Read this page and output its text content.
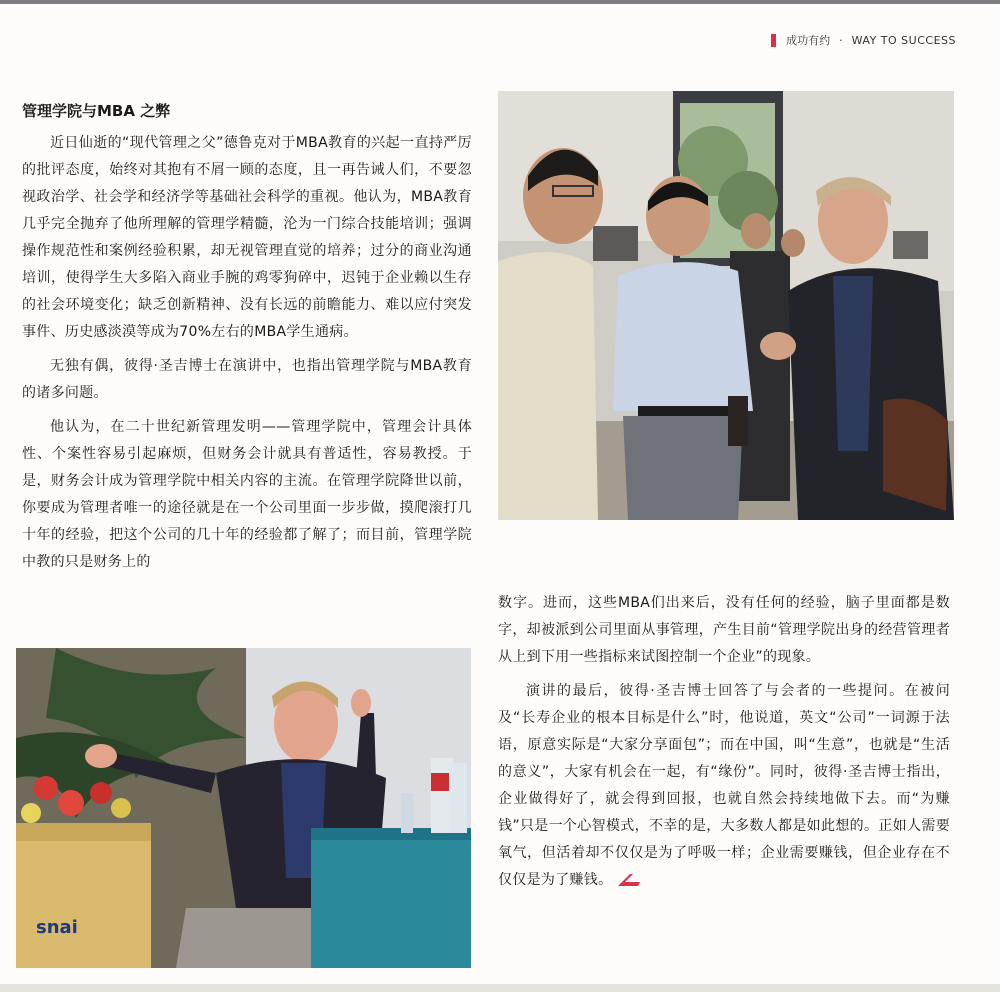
成功有约 · WAY TO SUCCESS
管理学院与MBA 之弊

近日仙逝的“现代管理之父”德鲁克对于MBA教育的兴起一直持严厉的批评态度，始终对其抱有不屑一顾的态度，且一再告诫人们，不要忽视政治学、社会学和经济学等基础社会科学的重视。他认为，MBA教育几乎完全抛弃了他所理解的管理学精髓，沦为一门综合技能培训；强调操作规范性和案例经验积累，却无视管理直觉的培养；过分的商业沟通培训，使得学生大多陷入商业手腕的鸡零狗碎中，迟钝于企业赖以生存的社会环境变化；缺乏创新精神、没有长远的前瞻能力、难以应付突发事件、历史感淡漠等成为70%左右的MBA学生通病。

无独有偶，彼得·圣吉博士在演讲中，也指出管理学院与MBA教育的诸多问题。

他认为，在二十世纪新管理发明——管理学院中，管理会计具体性、个案性容易引起麻烦，但财务会计就具有普适性，容易教授。于是，财务会计成为管理学院中相关内容的主流。在管理学院降世以前，你要成为管理者唯一的途径就是在一个公司里面一步步做，摸爬滚打几十年的经验，把这个公司的几十年的经验都了解了；而目前，管理学院中教的只是财务上的

数字。进而，这些MBA们出来后，没有任何的经验，脑子里面都是数字，却被派到公司里面从事管理，产生目前“管理学院出身的经营管理者从上到下用一些指标来试图控制一个企业”的现象。

演讲的最后，彼得·圣吉博士回答了与会者的一些提问。在被问及“长寿企业的根本目标是什么”时，他说道，英文“公司”一词源于法语，原意实际是“大家分享面包”；而在中国，叫“生意”，也就是“生活的意义”，大家有机会在一起，有“缘份”。同时，彼得·圣吉博士指出，企业做得好了，就会得到回报，也就自然会持续地做下去。而“为赚钱”只是一个心智模式，不幸的是，大多数人都是如此想的。正如人需要氧气，但活着却不仅仅是为了呼吸一样；企业需要赚钱，但企业存在不仅仅是为了赚钱。

snai
